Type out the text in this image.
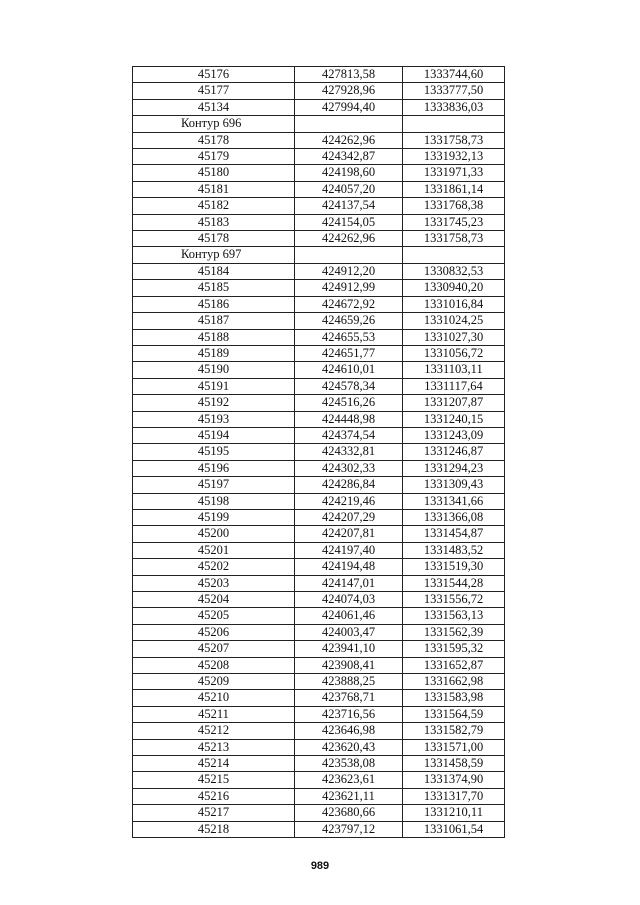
45176	427813,58	1333744,60
45177	427928,96	1333777,50
45134	427994,40	1333836,03
Контур 696		
45178	424262,96	1331758,73
45179	424342,87	1331932,13
45180	424198,60	1331971,33
45181	424057,20	1331861,14
45182	424137,54	1331768,38
45183	424154,05	1331745,23
45178	424262,96	1331758,73
Контур 697		
45184	424912,20	1330832,53
45185	424912,99	1330940,20
45186	424672,92	1331016,84
45187	424659,26	1331024,25
45188	424655,53	1331027,30
45189	424651,77	1331056,72
45190	424610,01	1331103,11
45191	424578,34	1331117,64
45192	424516,26	1331207,87
45193	424448,98	1331240,15
45194	424374,54	1331243,09
45195	424332,81	1331246,87
45196	424302,33	1331294,23
45197	424286,84	1331309,43
45198	424219,46	1331341,66
45199	424207,29	1331366,08
45200	424207,81	1331454,87
45201	424197,40	1331483,52
45202	424194,48	1331519,30
45203	424147,01	1331544,28
45204	424074,03	1331556,72
45205	424061,46	1331563,13
45206	424003,47	1331562,39
45207	423941,10	1331595,32
45208	423908,41	1331652,87
45209	423888,25	1331662,98
45210	423768,71	1331583,98
45211	423716,56	1331564,59
45212	423646,98	1331582,79
45213	423620,43	1331571,00
45214	423538,08	1331458,59
45215	423623,61	1331374,90
45216	423621,11	1331317,70
45217	423680,66	1331210,11
45218	423797,12	1331061,54
989
